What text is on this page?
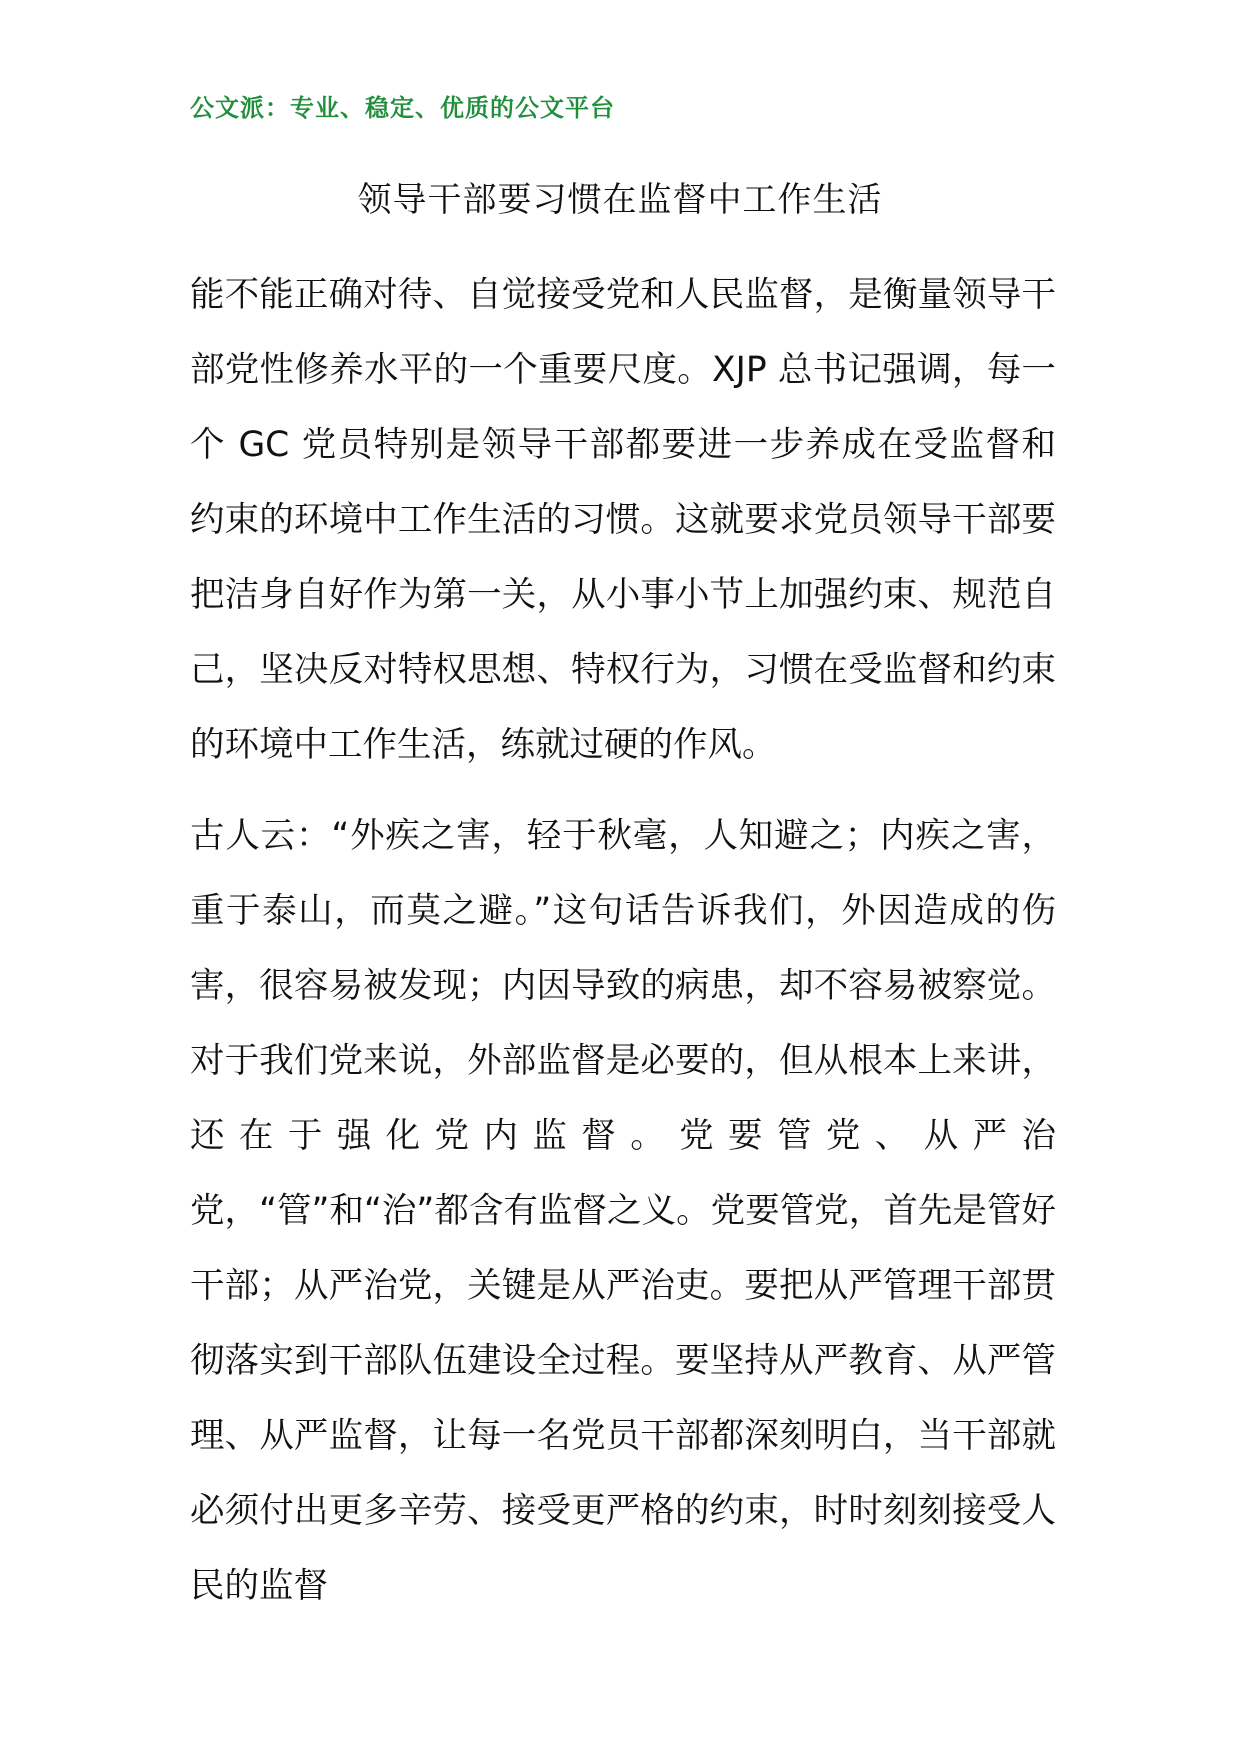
公文派：专业、稳定、优质的公文平台
领导干部要习惯在监督中工作生活

能不能正确对待、自觉接受党和人民监督，是衡量领导干部党性修养水平的一个重要尺度。XJP 总书记强调，每一个 GC 党员特别是领导干部都要进一步养成在受监督和约束的环境中工作生活的习惯。这就要求党员领导干部要把洁身自好作为第一关，从小事小节上加强约束、规范自己，坚决反对特权思想、特权行为，习惯在受监督和约束的环境中工作生活，练就过硬的作风。

古人云：“外疾之害，轻于秋毫，人知避之；内疾之害，重于泰山，而莫之避。”这句话告诉我们，外因造成的伤害，很容易被发现；内因导致的病患，却不容易被察觉。对于我们党来说，外部监督是必要的，但从根本上来讲，还在于强化党内监督。党要管党、从严治党，“管”和“治”都含有监督之义。党要管党，首先是管好干部；从严治党，关键是从严治吏。要把从严管理干部贯彻落实到干部队伍建设全过程。要坚持从严教育、从严管理、从严监督，让每一名党员干部都深刻明白，当干部就必须付出更多辛劳、接受更严格的约束，时时刻刻接受人民的监督
